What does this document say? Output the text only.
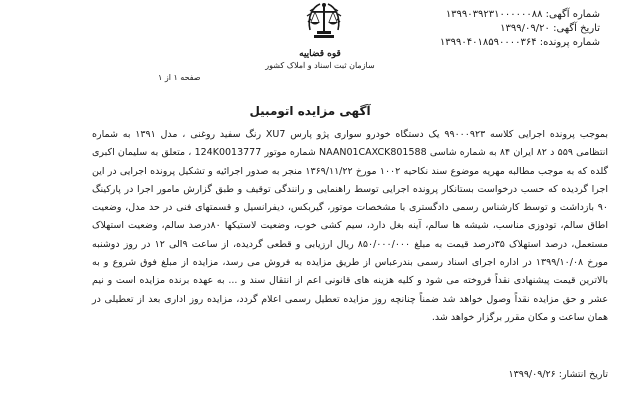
شماره آگهی: ۱۳۹۹۰۳۹۲۳۱۰۰۰۰۰۰۸۸
تاریخ آگهی: ۱۳۹۹/۰۹/۲۰
شماره پرونده: ۱۳۹۹۰۴۰۱۸۵۹۰۰۰۰۳۶۴
قوه قضاییه
سازمان ثبت اسناد و املاک کشور
صفحه ۱ از ۱
آگهی مزایده اتومبیل
بموجب پرونده اجرایی کلاسه ۹۹۰۰۰۹۲۳ یک دستگاه خودرو سواری پژو پارس XU7 رنگ سفید روغنی ، مدل ۱۳۹۱ به شماره انتظامی ۵۵۹ د ۸۲ ایران ۸۴ به شماره شاسی NAAN01CAXCK801588 شماره موتور 124K0013777 ، متعلق به سلیمان اکبری گلده که به موجب مطالبه مهریه موضوع سند نکاحیه ۱۰۰۲ مورخ ۱۳۶۹/۱۱/۲۲ منجر به صدور اجرائیه و تشکیل پرونده اجرایی در این اجرا گردیده که حسب درخواست بستانکار پرونده اجرایی توسط راهنمایی و رانندگی توقیف و طبق گزارش مامور اجرا در پارکینگ ۹۰ بازداشت و توسط کارشناس رسمی دادگستری با مشخصات موتور، گیربکس، دیفرانسیل و قسمتهای فنی در حد مدل، وضعیت اطاق سالم، تودوزی مناسب، شیشه ها سالم، آینه بغل دارد، سیم کشی خوب، وضعیت لاستیکها ۸۰درصد سالم، وضعیت استهلاک مستعمل، درصد استهلاک ۳۵درصد قیمت به مبلغ ۸۵۰/۰۰۰/۰۰۰ ریال ارزیابی و قطعی گردیده، از ساعت ۹الی ۱۲ در روز دوشنبه مورخ ۱۳۹۹/۱۰/۰۸ در اداره اجرای اسناد رسمی بندرعباس از طریق مزایده به فروش می رسد، مزایده از مبلغ فوق شروع و به بالاترین قیمت پیشنهادی نقداً فروخته می شود و کلیه هزینه های قانونی اعم از انتقال سند و ... به عهده برنده مزایده است و نیم عشر و حق مزایده نقداً وصول خواهد شد ضمناً چنانچه روز مزایده تعطیل رسمی اعلام گردد، مزایده روز اداری بعد از تعطیلی در همان ساعت و مکان مقرر برگزار خواهد شد.
تاریخ انتشار: ۱۳۹۹/۰۹/۲۶
